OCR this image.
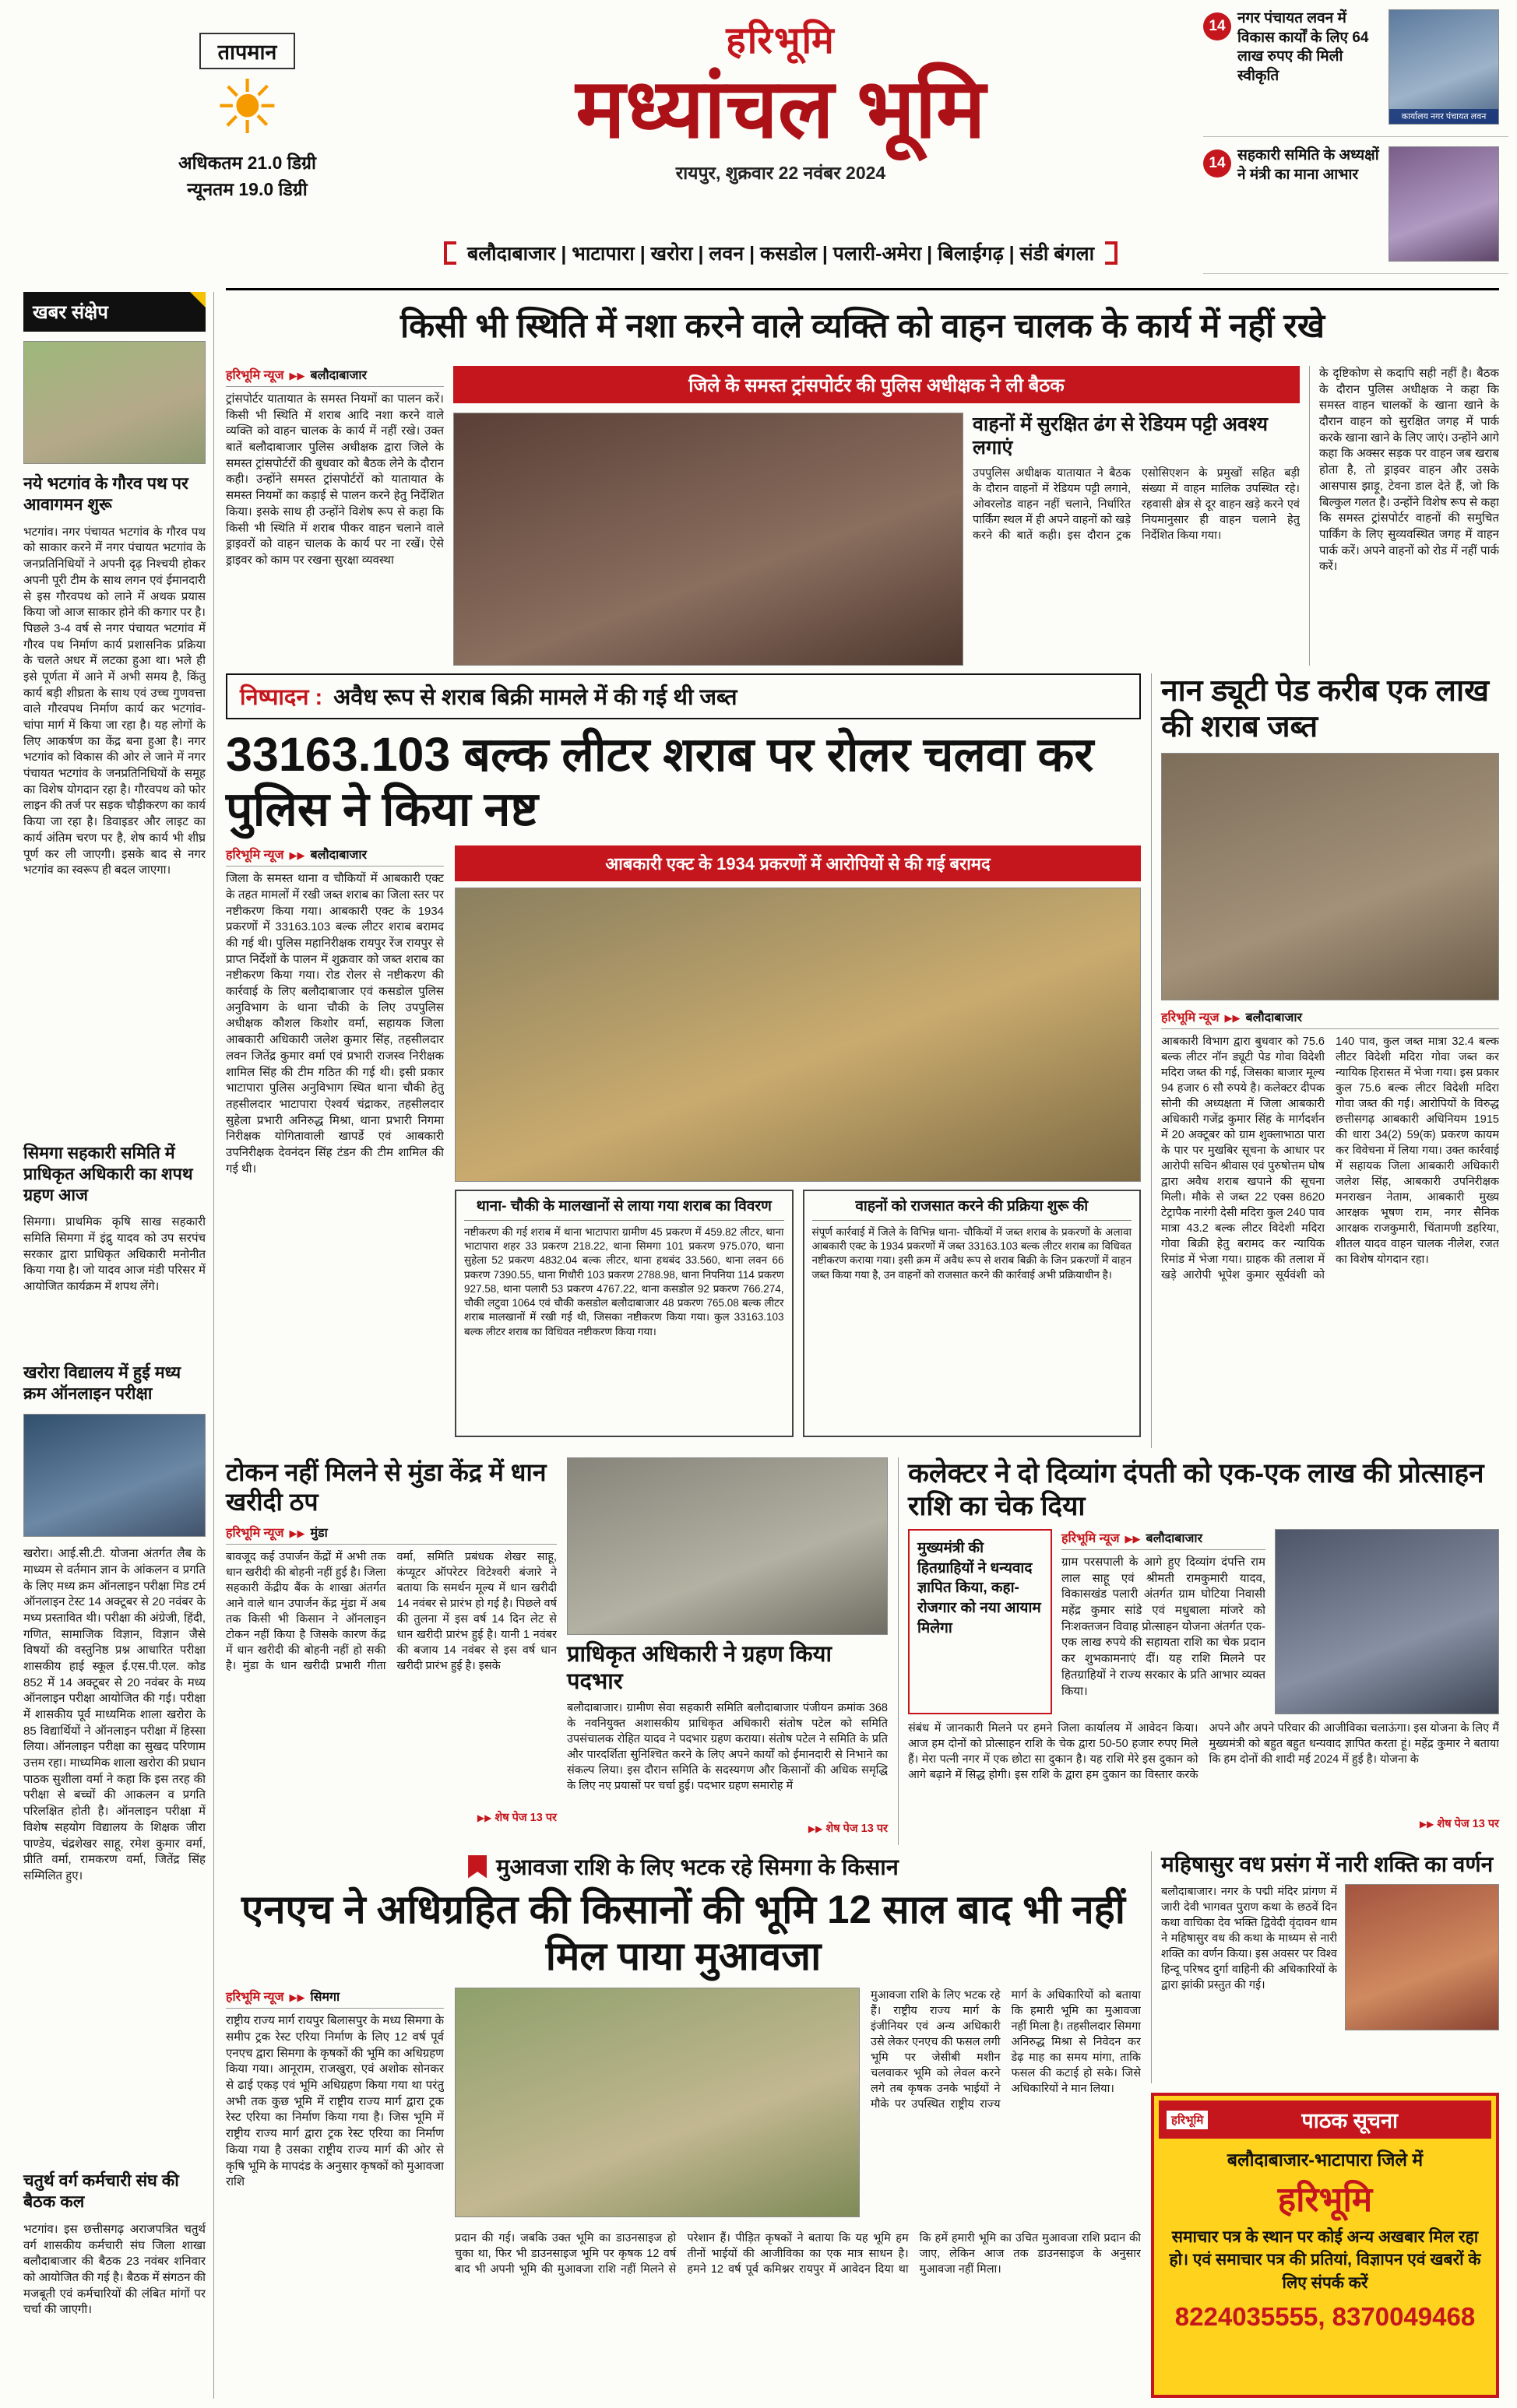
तापमान
☀
अधिकतम 21.0 डिग्री
न्यूनतम 19.0 डिग्री
हरिभूमि
मध्यांचल भूमि
रायपुर, शुक्रवार 22 नवंबर 2024
बलौदाबाजार | भाटापारा | खरोरा | लवन | कसडोल | पलारी-अमेरा | बिलाईगढ़ | संडी बंगला
14 नगर पंचायत लवन में विकास कार्यों के लिए 64 लाख रुपए की मिली स्वीकृति
कार्यालय नगर पंचायत लवन
14 सहकारी समिति के अध्यक्षों ने मंत्री का माना आभार
किसी भी स्थिति में नशा करने वाले व्यक्ति को वाहन चालक के कार्य में नहीं रखे
खबर संक्षेप
नये भटगांव के गौरव पथ पर आवागमन शुरू
भटगांव। नगर पंचायत भटगांव के गौरव पथ को साकार करने में नगर पंचायत भटगांव के जनप्रतिनिधियों ने अपनी दृढ़ निश्चयी होकर अपनी पूरी टीम के साथ लगन एवं ईमानदारी से इस गौरवपथ को लाने में अथक प्रयास किया जो आज साकार होने की कगार पर है। पिछले 3-4 वर्ष से नगर पंचायत भटगांव में गौरव पथ निर्माण कार्य प्रशासनिक प्रक्रिया के चलते अधर में लटका हुआ था। भले ही इसे पूर्णता में आने में अभी समय है, किंतु कार्य बड़ी शीघ्रता के साथ एवं उच्च गुणवत्ता वाले गौरवपथ निर्माण कार्य कर भटगांव-चांपा मार्ग में किया जा रहा है। यह लोगों के लिए आकर्षण का केंद्र बना हुआ है। नगर भटगांव को विकास की ओर ले जाने में नगर पंचायत भटगांव के जनप्रतिनिधियों के समूह का विशेष योगदान रहा है। गौरवपथ को फोर लाइन की तर्ज पर सड़क चौड़ीकरण का कार्य किया जा रहा है। डिवाइडर और लाइट का कार्य अंतिम चरण पर है, शेष कार्य भी शीघ्र पूर्ण कर ली जाएगी। इसके बाद से नगर भटगांव का स्वरूप ही बदल जाएगा।
सिमगा सहकारी समिति में प्राधिकृत अधिकारी का शपथ ग्रहण आज
सिमगा। प्राथमिक कृषि साख सहकारी समिति सिमगा में इंद्रु यादव को उप सरपंच सरकार द्वारा प्राधिकृत अधिकारी मनोनीत किया गया है। जो यादव आज मंडी परिसर में आयोजित कार्यक्रम में शपथ लेंगे।
खरोरा विद्यालय में हुई मध्य क्रम ऑनलाइन परीक्षा
खरोरा। आई.सी.टी. योजना अंतर्गत लैब के माध्यम से वर्तमान ज्ञान के आंकलन व प्रगति के लिए मध्य क्रम ऑनलाइन परीक्षा मिड टर्म ऑनलाइन टेस्ट 14 अक्टूबर से 20 नवंबर के मध्य प्रस्तावित थी। परीक्षा की अंग्रेजी, हिंदी, गणित, सामाजिक विज्ञान, विज्ञान जैसे विषयों की वस्तुनिष्ठ प्रश्न आधारित परीक्षा शासकीय हाई स्कूल ई.एस.पी.एल. कोड 852 में 14 अक्टूबर से 20 नवंबर के मध्य ऑनलाइन परीक्षा आयोजित की गई। परीक्षा में शासकीय पूर्व माध्यमिक शाला खरोरा के 85 विद्यार्थियों ने ऑनलाइन परीक्षा में हिस्सा लिया। ऑनलाइन परीक्षा का सुखद परिणाम उत्तम रहा। माध्यमिक शाला खरोरा की प्रधान पाठक सुशीला वर्मा ने कहा कि इस तरह की परीक्षा से बच्चों की आकलन व प्रगति परिलक्षित होती है। ऑनलाइन परीक्षा में विशेष सहयोग विद्यालय के शिक्षक जीरा पाण्डेय, चंद्रशेखर साहू, रमेश कुमार वर्मा, प्रीति वर्मा, रामकरण वर्मा, जितेंद्र सिंह सम्मिलित हुए।
चतुर्थ वर्ग कर्मचारी संघ की बैठक कल
भटगांव। इस छत्तीसगढ़ अराजपत्रित चतुर्थ वर्ग शासकीय कर्मचारी संघ जिला शाखा बलौदाबाजार की बैठक 23 नवंबर शनिवार को आयोजित की गई है। बैठक में संगठन की मजबूती एवं कर्मचारियों की लंबित मांगों पर चर्चा की जाएगी।
हरिभूमि न्यूज ▶▶ बलौदाबाजार
ट्रांसपोर्टर यातायात के समस्त नियमों का पालन करें। किसी भी स्थिति में शराब आदि नशा करने वाले व्यक्ति को वाहन चालक के कार्य में नहीं रखे। उक्त बातें बलौदाबाजार पुलिस अधीक्षक द्वारा जिले के समस्त ट्रांसपोर्टरों की बुधवार को बैठक लेने के दौरान कही। उन्होंने समस्त ट्रांसपोर्टरों को यातायात के समस्त नियमों का कड़ाई से पालन करने हेतु निर्देशित किया। इसके साथ ही उन्होंने विशेष रूप से कहा कि किसी भी स्थिति में शराब पीकर वाहन चलाने वाले ड्राइवरों को वाहन चालक के कार्य पर ना रखें। ऐसे ड्राइवर को काम पर रखना सुरक्षा व्यवस्था
जिले के समस्त ट्रांसपोर्टर की पुलिस अधीक्षक ने ली बैठक
वाहनों में सुरक्षित ढंग से रेडियम पट्टी अवश्य लगाएं
उपपुलिस अधीक्षक यातायात ने बैठक के दौरान वाहनों में रेडियम पट्टी लगाने, ओवरलोड वाहन नहीं चलाने, निर्धारित पार्किंग स्थल में ही अपने वाहनों को खड़े करने की बातें कही। इस दौरान ट्रक एसोसिएशन के प्रमुखों सहित बड़ी संख्या में वाहन मालिक उपस्थित रहे। रहवासी क्षेत्र से दूर वाहन खड़े करने एवं नियमानुसार ही वाहन चलाने हेतु निर्देशित किया गया।
के दृष्टिकोण से कदापि सही नहीं है। बैठक के दौरान पुलिस अधीक्षक ने कहा कि समस्त वाहन चालकों के खाना खाने के दौरान वाहन को सुरक्षित जगह में पार्क करके खाना खाने के लिए जाएं। उन्होंने आगे कहा कि अक्सर सड़क पर वाहन जब खराब होता है, तो ड्राइवर वाहन और उसके आसपास झाड़ू, टेवना डाल देते हैं, जो कि बिल्कुल गलत है। उन्होंने विशेष रूप से कहा कि समस्त ट्रांसपोर्टर वाहनों की समुचित पार्किंग के लिए सुव्यवस्थित जगह में वाहन पार्क करें। अपने वाहनों को रोड में नहीं पार्क करें।
निष्पादन : अवैध रूप से शराब बिक्री मामले में की गई थी जब्त
33163.103 बल्क लीटर शराब पर रोलर चलवा कर पुलिस ने किया नष्ट
हरिभूमि न्यूज ▶▶ बलौदाबाजार
जिला के समस्त थाना व चौकियों में आबकारी एक्ट के तहत मामलों में रखी जब्त शराब का जिला स्तर पर नष्टीकरण किया गया। आबकारी एक्ट के 1934 प्रकरणों में 33163.103 बल्क लीटर शराब बरामद की गई थी। पुलिस महानिरीक्षक रायपुर रेंज रायपुर से प्राप्त निर्देशों के पालन में शुक्रवार को जब्त शराब का नष्टीकरण किया गया। रोड रोलर से नष्टीकरण की कार्रवाई के लिए बलौदाबाजार एवं कसडोल पुलिस अनुविभाग के थाना चौकी के लिए उपपुलिस अधीक्षक कौशल किशोर वर्मा, सहायक जिला आबकारी अधिकारी जलेश कुमार सिंह, तहसीलदार लवन जितेंद्र कुमार वर्मा एवं प्रभारी राजस्व निरीक्षक शामिल सिंह की टीम गठित की गई थी। इसी प्रकार भाटापारा पुलिस अनुविभाग स्थित थाना चौकी हेतु तहसीलदार भाटापारा ऐश्वर्य चंद्राकर, तहसीलदार सुहेला प्रभारी अनिरुद्ध मिश्रा, थाना प्रभारी निगमा निरीक्षक योगितावाली खापर्डे एवं आबकारी उपनिरीक्षक देवनंदन सिंह टंडन की टीम शामिल की गई थी।
आबकारी एक्ट के 1934 प्रकरणों में आरोपियों से की गई बरामद
थाना- चौकी के मालखानों से लाया गया शराब का विवरण
नष्टीकरण की गई शराब में थाना भाटापारा ग्रामीण 45 प्रकरण में 459.82 लीटर, थाना भाटापारा शहर 33 प्रकरण 218.22, थाना सिमगा 101 प्रकरण 975.070, थाना सुहेला 52 प्रकरण 4832.04 बल्क लीटर, थाना हथबंद 33.560, थाना लवन 66 प्रकरण 7390.55, थाना गिधौरी 103 प्रकरण 2788.98, थाना निपनिया 114 प्रकरण 927.58, थाना पलारी 53 प्रकरण 4767.22, थाना कसडोल 92 प्रकरण 766.274, चौकी लटुवा 1064 एवं चौकी कसडोल बलौदाबाजार 48 प्रकरण 765.08 बल्क लीटर शराब मालखानों में रखी गई थी, जिसका नष्टीकरण किया गया। कुल 33163.103 बल्क लीटर शराब का विधिवत नष्टीकरण किया गया।
वाहनों को राजसात करने की प्रक्रिया शुरू की
संपूर्ण कार्रवाई में जिले के विभिन्न थाना- चौकियों में जब्त शराब के प्रकरणों के अलावा आबकारी एक्ट के 1934 प्रकरणों में जब्त 33163.103 बल्क लीटर शराब का विधिवत नष्टीकरण कराया गया। इसी क्रम में अवैध रूप से शराब बिक्री के जिन प्रकरणों में वाहन जब्त किया गया है, उन वाहनों को राजसात करने की कार्रवाई अभी प्रक्रियाधीन है।
नान ड्यूटी पेड करीब एक लाख की शराब जब्त
हरिभूमि न्यूज ▶▶ बलौदाबाजार
आबकारी विभाग द्वारा बुधवार को 75.6 बल्क लीटर नॉन ड्यूटी पेड गोवा विदेशी मदिरा जब्त की गई, जिसका बाजार मूल्य 94 हजार 6 सौ रुपये है। कलेक्टर दीपक सोनी की अध्यक्षता में जिला आबकारी अधिकारी गजेंद्र कुमार सिंह के मार्गदर्शन में 20 अक्टूबर को ग्राम शुक्लाभाठा पारा के पार पर मुखबिर सूचना के आधार पर आरोपी सचिन श्रीवास एवं पुरुषोत्तम घोष द्वारा अवैध शराब खपाने की सूचना मिली। मौके से जब्त 22 एक्स 8620 टेट्रापैक नारंगी देसी मदिरा कुल 240 पाव मात्रा 43.2 बल्क लीटर विदेशी मदिरा गोवा बिक्री हेतु बरामद कर न्यायिक रिमांड में भेजा गया। ग्राहक की तलाश में खड़े आरोपी भूपेश कुमार सूर्यवंशी को 140 पाव, कुल जब्त मात्रा 32.4 बल्क लीटर विदेशी मदिरा गोवा जब्त कर न्यायिक हिरासत में भेजा गया। इस प्रकार कुल 75.6 बल्क लीटर विदेशी मदिरा गोवा जब्त की गई। आरोपियों के विरुद्ध छत्तीसगढ़ आबकारी अधिनियम 1915 की धारा 34(2) 59(क) प्रकरण कायम कर विवेचना में लिया गया। उक्त कार्रवाई में सहायक जिला आबकारी अधिकारी जलेश सिंह, आबकारी उपनिरीक्षक मनराखन नेताम, आबकारी मुख्य आरक्षक भूषण राम, नगर सैनिक आरक्षक राजकुमारी, चिंतामणी डहरिया, शीतल यादव वाहन चालक नीलेश, रजत का विशेष योगदान रहा।
टोकन नहीं मिलने से मुंडा केंद्र में धान खरीदी ठप
हरिभूमि न्यूज ▶▶ मुंडा
बावजूद कई उपार्जन केंद्रों में अभी तक धान खरीदी की बोहनी नहीं हुई है। जिला सहकारी केंद्रीय बैंक के शाखा अंतर्गत आने वाले धान उपार्जन केंद्र मुंडा में अब तक किसी भी किसान ने ऑनलाइन टोकन नहीं किया है जिसके कारण केंद्र में धान खरीदी की बोहनी नहीं हो सकी है। मुंडा के धान खरीदी प्रभारी गीता वर्मा, समिति प्रबंधक शेखर साहू, कंप्यूटर ऑपरेटर विटेश्वरी बंजारे ने बताया कि समर्थन मूल्य में धान खरीदी 14 नवंबर से प्रारंभ हो गई है। पिछले वर्ष की तुलना में इस वर्ष 14 दिन लेट से धान खरीदी प्रारंभ हुई है। यानी 1 नवंबर की बजाय 14 नवंबर से इस वर्ष धान खरीदी प्रारंभ हुई है। इसके
▶▶ शेष पेज 13 पर
प्राधिकृत अधिकारी ने ग्रहण किया पदभार
बलौदाबाजार। ग्रामीण सेवा सहकारी समिति बलौदाबाजार पंजीयन क्रमांक 368 के नवनियुक्त अशासकीय प्राधिकृत अधिकारी संतोष पटेल को समिति उपसंचालक रोहित यादव ने पदभार ग्रहण कराया। संतोष पटेल ने समिति के प्रति और पारदर्शिता सुनिश्चित करने के लिए अपने कार्यों को ईमानदारी से निभाने का संकल्प लिया। इस दौरान समिति के सदस्यगण और किसानों की अधिक समृद्धि के लिए नए प्रयासों पर चर्चा हुई। पदभार ग्रहण समारोह में
▶▶ शेष पेज 13 पर
कलेक्टर ने दो दिव्यांग दंपती को एक-एक लाख की प्रोत्साहन राशि का चेक दिया
मुख्यमंत्री की हितग्राहियों ने धन्यवाद ज्ञापित किया, कहा- रोजगार को नया आयाम मिलेगा
हरिभूमि न्यूज ▶▶ बलौदाबाजार
ग्राम परसपाली के आगे हुए दिव्यांग दंपत्ति राम लाल साहू एवं श्रीमती रामकुमारी यादव, विकासखंड पलारी अंतर्गत ग्राम घोटिया निवासी महेंद्र कुमार सांडे एवं मधुबाला मांजरे को निःशक्तजन विवाह प्रोत्साहन योजना अंतर्गत एक-एक लाख रुपये की सहायता राशि का चेक प्रदान कर शुभकामनाएं दीं। यह राशि मिलने पर हितग्राहियों ने राज्य सरकार के प्रति आभार व्यक्त किया।
संबंध में जानकारी मिलने पर हमने जिला कार्यालय में आवेदन किया। आज हम दोनों को प्रोत्साहन राशि के चेक द्वारा 50-50 हजार रुपए मिले हैं। मेरा पत्नी नगर में एक छोटा सा दुकान है। यह राशि मेरे इस दुकान को आगे बढ़ाने में सिद्ध होगी। इस राशि के द्वारा हम दुकान का विस्तार करके अपने और अपने परिवार की आजीविका चलाऊंगा। इस योजना के लिए मैं मुख्यमंत्री को बहुत बहुत धन्यवाद ज्ञापित करता हूं। महेंद्र कुमार ने बताया कि हम दोनों की शादी मई 2024 में हुई है। योजना के
▶▶ शेष पेज 13 पर
मुआवजा राशि के लिए भटक रहे सिमगा के किसान
एनएच ने अधिग्रहित की किसानों की भूमि 12 साल बाद भी नहीं मिल पाया मुआवजा
हरिभूमि न्यूज ▶▶ सिमगा
राष्ट्रीय राज्य मार्ग रायपुर बिलासपुर के मध्य सिमगा के समीप ट्रक रेस्ट एरिया निर्माण के लिए 12 वर्ष पूर्व एनएच द्वारा सिमगा के कृषकों की भूमि का अधिग्रहण किया गया। आनूराम, राजखुरा, एवं अशोक सोनकर से ढाई एकड़ एवं भूमि अधिग्रहण किया गया था परंतु अभी तक कुछ भूमि में राष्ट्रीय राज्य मार्ग द्वारा ट्रक रेस्ट एरिया का निर्माण किया गया है। जिस भूमि में राष्ट्रीय राज्य मार्ग द्वारा ट्रक रेस्ट एरिया का निर्माण किया गया है उसका राष्ट्रीय राज्य मार्ग की ओर से कृषि भूमि के मापदंड के अनुसार कृषकों को मुआवजा राशि
मुआवजा राशि के लिए भटक रहे हैं। राष्ट्रीय राज्य मार्ग के इंजीनियर एवं अन्य अधिकारी उसे लेकर एनएच की फसल लगी भूमि पर जेसीबी मशीन चलवाकर भूमि को लेवल करने लगे तब कृषक उनके भाईयों ने मौके पर उपस्थित राष्ट्रीय राज्य मार्ग के अधिकारियों को बताया कि हमारी भूमि का मुआवजा नहीं मिला है। तहसीलदार सिमगा अनिरुद्ध मिश्रा से निवेदन कर डेढ़ माह का समय मांगा, ताकि फसल की कटाई हो सके। जिसे अधिकारियों ने मान लिया।
प्रदान की गई। जबकि उक्त भूमि का डाउनसाइज हो चुका था, फिर भी डाउनसाइज भूमि पर कृषक 12 वर्ष बाद भी अपनी भूमि की मुआवजा राशि नहीं मिलने से परेशान हैं। पीड़ित कृषकों ने बताया कि यह भूमि हम तीनों भाईयों की आजीविका का एक मात्र साधन है। हमने 12 वर्ष पूर्व कमिश्नर रायपुर में आवेदन दिया था कि हमें हमारी भूमि का उचित मुआवजा राशि प्रदान की जाए, लेकिन आज तक डाउनसाइज के अनुसार मुआवजा नहीं मिला।
महिषासुर वध प्रसंग में नारी शक्ति का वर्णन
बलौदाबाजार। नगर के पद्मी मंदिर प्रांगण में जारी देवी भागवत पुराण कथा के छठवें दिन कथा वाचिका देव भक्ति द्विवेदी वृंदावन धाम ने महिषासुर वध की कथा के माध्यम से नारी शक्ति का वर्णन किया। इस अवसर पर विश्व हिन्दू परिषद दुर्गा वाहिनी की अधिकारियों के द्वारा झांकी प्रस्तुत की गई।
हरिभूमि	पाठक सूचना
बलौदाबाजार-भाटापारा जिले में
हरिभूमि
समाचार पत्र के स्थान पर कोई अन्य अखबार मिल रहा हो। एवं समाचार पत्र की प्रतियां, विज्ञापन एवं खबरों के लिए संपर्क करें
8224035555, 8370049468
